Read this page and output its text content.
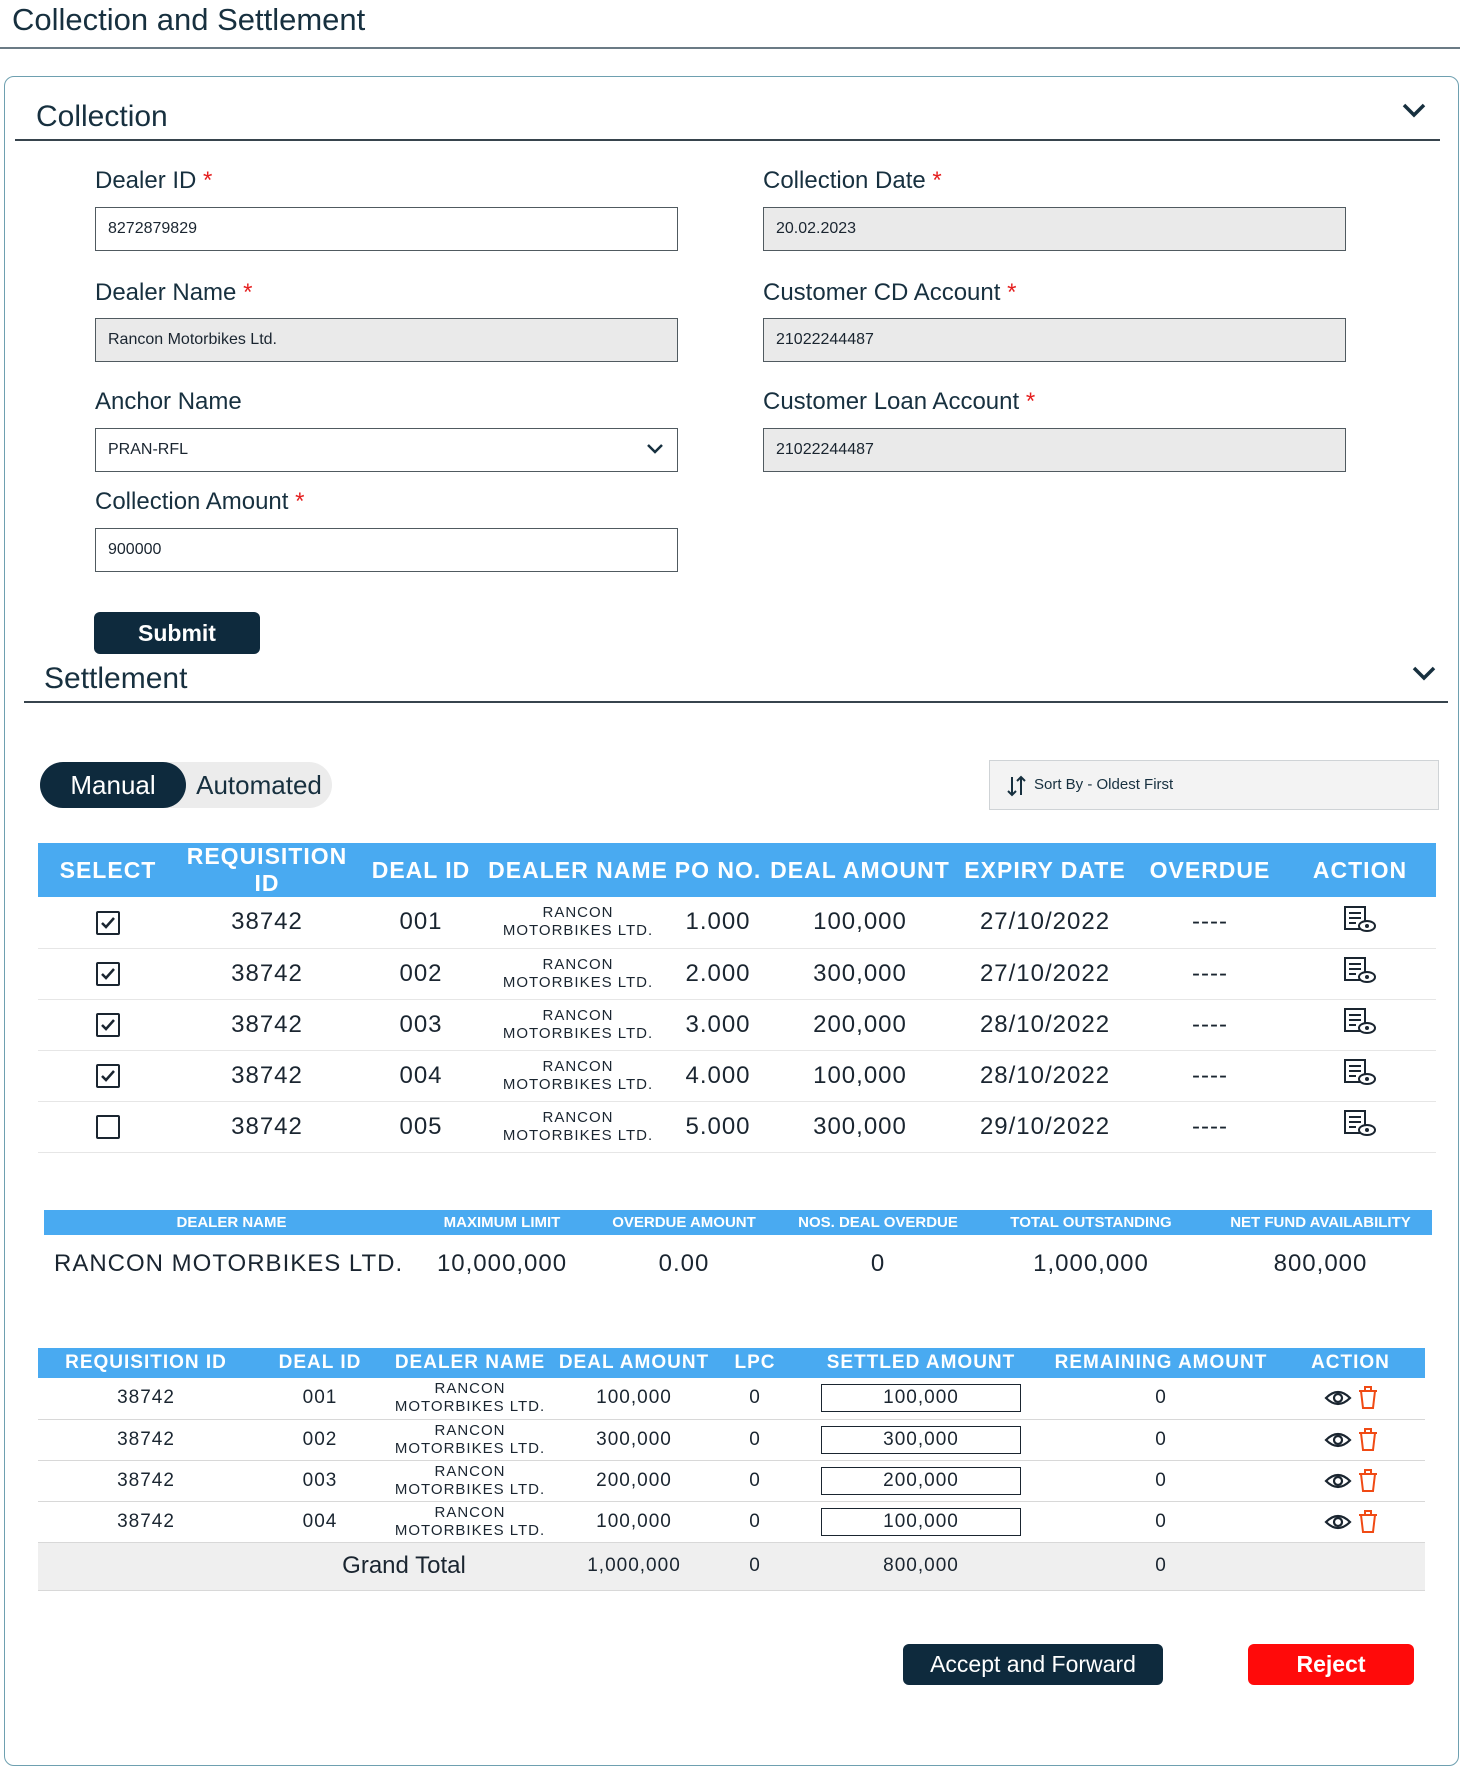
Collection and Settlement
Collection
Dealer ID *
8272879829
Collection Date *
20.02.2023
Dealer Name *
Rancon Motorbikes Ltd.
Customer CD Account *
21022244487
Anchor Name
PRAN-RFL
Customer Loan Account *
21022244487
Collection Amount *
900000
Submit
Settlement
Manual	Automated	Sort By - Oldest First
SELECT	REQUISITION ID	DEAL ID	DEALER NAME	PO NO.	DEAL AMOUNT	EXPIRY DATE	OVERDUE	ACTION

	38742	001	RANCON
MOTORBIKES LTD.	1.000	100,000	27/10/2022	----	

	38742	002	RANCON
MOTORBIKES LTD.	2.000	300,000	27/10/2022	----	

	38742	003	RANCON
MOTORBIKES LTD.	3.000	200,000	28/10/2022	----	

	38742	004	RANCON
MOTORBIKES LTD.	4.000	100,000	28/10/2022	----	
	38742	005	RANCON
MOTORBIKES LTD.	5.000	300,000	29/10/2022	----	
DEALER NAME	MAXIMUM LIMIT	OVERDUE AMOUNT	NOS. DEAL OVERDUE	TOTAL OUTSTANDING	NET FUND AVAILABILITY
RANCON MOTORBIKES LTD.	10,000,000	0.00	0	1,000,000	800,000
REQUISITION ID	DEAL ID	DEALER NAME	DEAL AMOUNT	LPC	SETTLED AMOUNT	REMAINING AMOUNT	ACTION
38742	001	RANCON
MOTORBIKES LTD.	100,000	0	100,000	0	
38742	002	RANCON
MOTORBIKES LTD.	300,000	0	300,000	0	
38742	003	RANCON
MOTORBIKES LTD.	200,000	0	200,000	0	
38742	004	RANCON
MOTORBIKES LTD.	100,000	0	100,000	0	
	Grand Total		1,000,000	0	800,000	0	
Accept and Forward	Reject
